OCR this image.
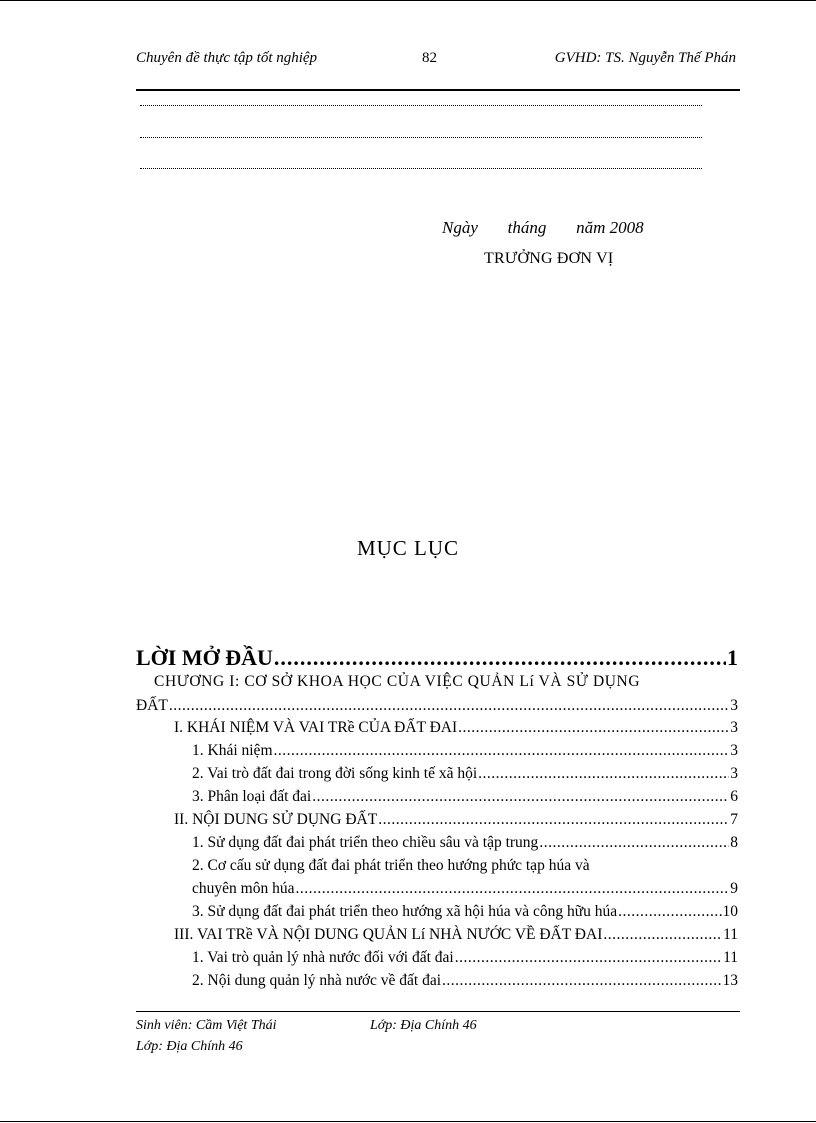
Chuyên đề thực tập tốt nghiệp	82	GVHD: TS. Nguyễn Thế Phán
Ngày       tháng       năm 2008
TRƯỞNG ĐƠN VỊ
MỤC LỤC
LỜI MỞ ĐẦU .....	1
CHƯƠNG I: CƠ SỞ KHOA HỌC CỦA VIỆC QUẢN Lí VÀ SỬ DỤNG
ĐẤT .....	3
I. KHÁI NIỆM VÀ VAI TRề CỦA ĐẤT ĐAI .....	3
1. Khái niệm .....	3
2. Vai trò đất đai trong đời sống kinh tế xã hội .....	3
3. Phân loại đất đai .....	6
II. NỘI DUNG SỬ DỤNG ĐẤT .....	7
1. Sử dụng đất đai phát triển theo chiều sâu và tập trung .....	8
2. Cơ cấu sử dụng đất đai phát triển theo hướng phức tạp húa và
chuyên môn húa .....	9
3. Sử dụng đất đai phát triển theo hướng xã hội húa và công hữu húa .....	10
III. VAI TRề VÀ NỘI DUNG QUẢN Lí NHÀ NƯỚC VỀ ĐẤT ĐAI .....	11
1. Vai trò quản lý nhà nước đối với đất đai .....	11
2. Nội dung quản lý nhà nước về đất đai .....	13
Sinh viên: Cầm Việt Thái	Lớp: Địa Chính 46
Lớp: Địa Chính 46
